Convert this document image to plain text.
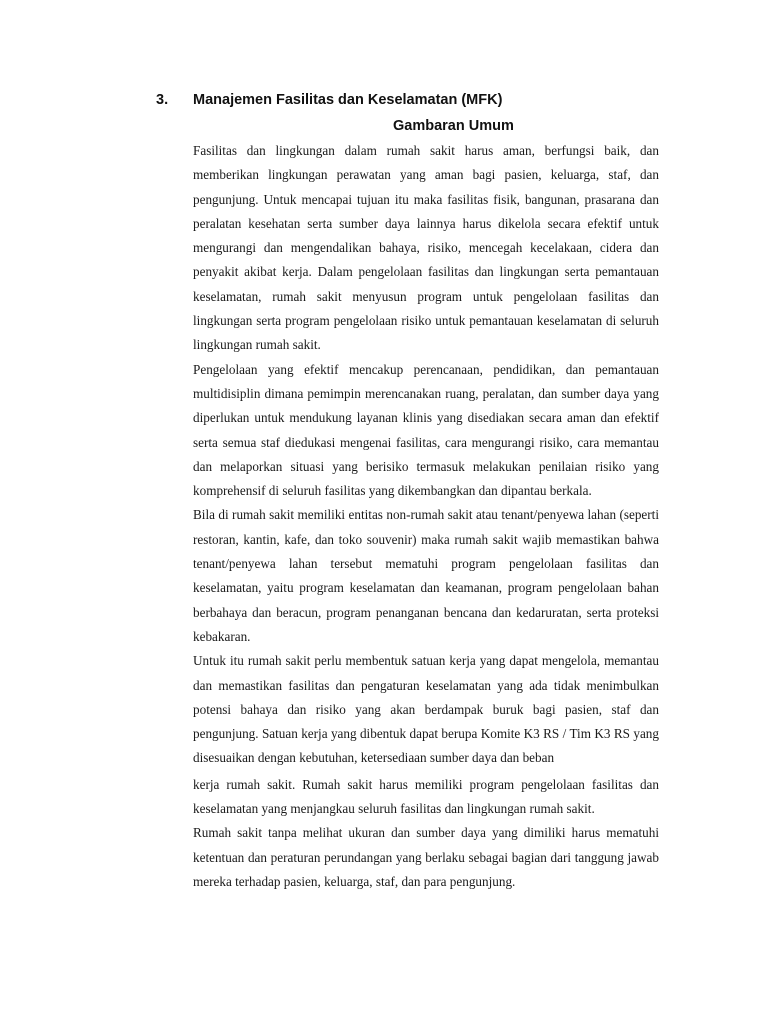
3. Manajemen Fasilitas dan Keselamatan (MFK)
Gambaran Umum

Fasilitas dan lingkungan dalam rumah sakit harus aman, berfungsi baik, dan memberikan lingkungan perawatan yang aman bagi pasien, keluarga, staf, dan pengunjung. Untuk mencapai tujuan itu maka fasilitas fisik, bangunan, prasarana dan peralatan kesehatan serta sumber daya lainnya harus dikelola secara efektif untuk mengurangi dan mengendalikan bahaya, risiko, mencegah kecelakaan, cidera dan penyakit akibat kerja. Dalam pengelolaan fasilitas dan lingkungan serta pemantauan keselamatan, rumah sakit menyusun program untuk pengelolaan fasilitas dan lingkungan serta program pengelolaan risiko untuk pemantauan keselamatan di seluruh lingkungan rumah sakit.

Pengelolaan yang efektif mencakup perencanaan, pendidikan, dan pemantauan multidisiplin dimana pemimpin merencanakan ruang, peralatan, dan sumber daya yang diperlukan untuk mendukung layanan klinis yang disediakan secara aman dan efektif serta semua staf diedukasi mengenai fasilitas, cara mengurangi risiko, cara memantau dan melaporkan situasi yang berisiko termasuk melakukan penilaian risiko yang komprehensif di seluruh fasilitas yang dikembangkan dan dipantau berkala.

Bila di rumah sakit memiliki entitas non-rumah sakit atau tenant/penyewa lahan (seperti restoran, kantin, kafe, dan toko souvenir) maka rumah sakit wajib memastikan bahwa tenant/penyewa lahan tersebut mematuhi program pengelolaan fasilitas dan keselamatan, yaitu program keselamatan dan keamanan, program pengelolaan bahan berbahaya dan beracun, program penanganan bencana dan kedaruratan, serta proteksi kebakaran.

Untuk itu rumah sakit perlu membentuk satuan kerja yang dapat mengelola, memantau dan memastikan fasilitas dan pengaturan keselamatan yang ada tidak menimbulkan potensi bahaya dan risiko yang akan berdampak buruk bagi pasien, staf dan pengunjung. Satuan kerja yang dibentuk dapat berupa Komite K3 RS / Tim K3 RS yang disesuaikan dengan kebutuhan, ketersediaan sumber daya dan beban

kerja rumah sakit. Rumah sakit harus memiliki program pengelolaan fasilitas dan keselamatan yang menjangkau seluruh fasilitas dan lingkungan rumah sakit.

Rumah sakit tanpa melihat ukuran dan sumber daya yang dimiliki harus mematuhi ketentuan dan peraturan perundangan yang berlaku sebagai bagian dari tanggung jawab mereka terhadap pasien, keluarga, staf, dan para pengunjung.
